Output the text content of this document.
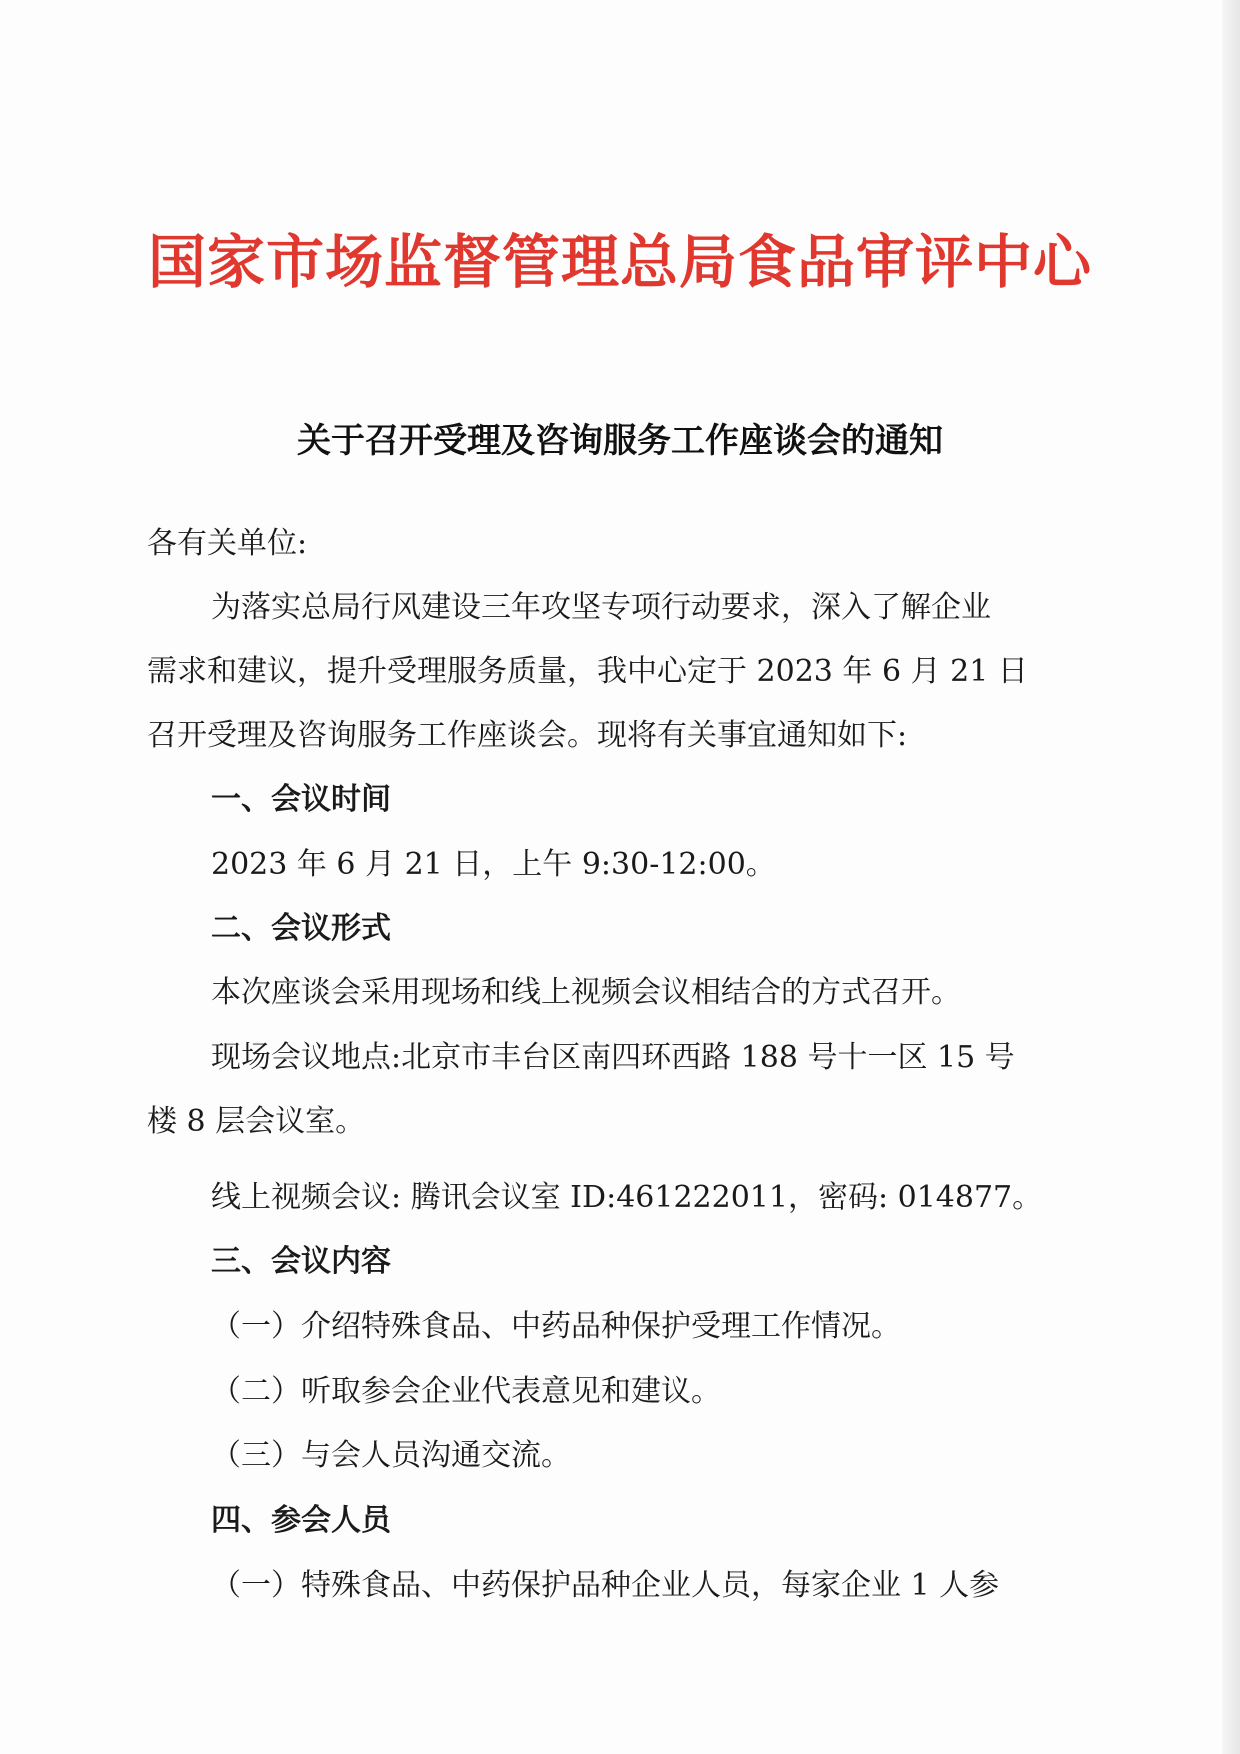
国家市场监督管理总局食品审评中心
关于召开受理及咨询服务工作座谈会的通知
各有关单位:
为落实总局行风建设三年攻坚专项行动要求，深入了解企业
需求和建议，提升受理服务质量，我中心定于 2023 年 6 月 21 日
召开受理及咨询服务工作座谈会。现将有关事宜通知如下:
一、会议时间
2023 年 6 月 21 日，上午 9:30-12:00。
二、会议形式
本次座谈会采用现场和线上视频会议相结合的方式召开。
现场会议地点:北京市丰台区南四环西路 188 号十一区 15 号
楼 8 层会议室。
线上视频会议: 腾讯会议室 ID:461222011，密码: 014877。
三、会议内容
（一）介绍特殊食品、中药品种保护受理工作情况。
（二）听取参会企业代表意见和建议。
（三）与会人员沟通交流。
四、参会人员
（一）特殊食品、中药保护品种企业人员，每家企业 1 人参
